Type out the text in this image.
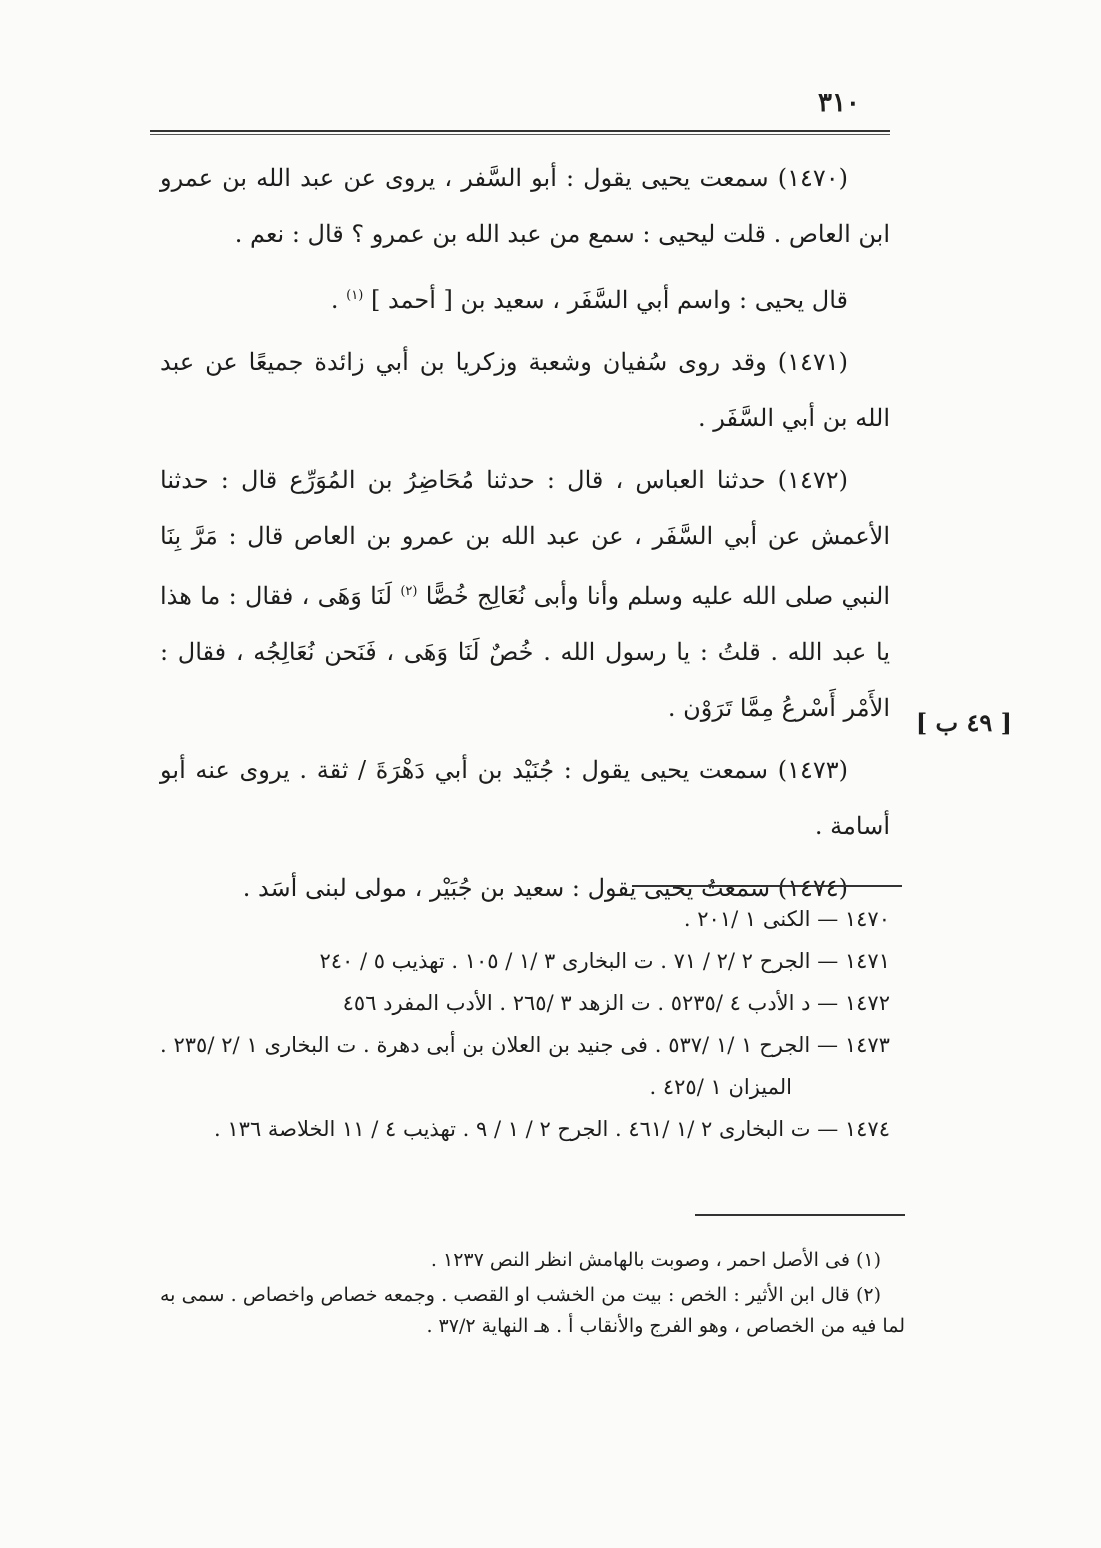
٣١٠

(١٤٧٠) سمعت يحيى يقول : أبو السَّفر ، يروى عن عبد الله بن عمرو ابن العاص . قلت ليحيى : سمع من عبد الله بن عمرو ؟ قال : نعم .

قال يحيى : واسم أبي السَّفَر ، سعيد بن [ أحمد ] $^{(١)}$ .

(١٤٧١) وقد روى سُفيان وشعبة وزكريا بن أبي زائدة جميعًا عن عبد الله بن أبي السَّفَر .

(١٤٧٢) حدثنا العباس ، قال : حدثنا مُحَاضِرُ بن المُوَرِّع قال : حدثنا الأعمش عن أبي السَّفَر ، عن عبد الله بن عمرو بن العاص قال : مَرَّ بِنَا النبي صلى الله عليه وسلم وأنا وأبى نُعَالِج خُصًّا $^{(٢)}$ لَنَا وَهَى ، فقال : ما هذا يا عبد الله . قلتُ : يا رسول الله . خُصٌ لَنَا وَهَى ، فَنَحن نُعَالِجُه ، فقال : الأَمْر أَسْرعُ مِمَّا تَرَوْن .

(١٤٧٣) سمعت يحيى يقول : جُنَيْد بن أبي دَهْرَةَ / ثقة . يروى عنه أبو أسامة .

(١٤٧٤) سمعتُ يحيى يقول : سعيد بن جُبَيْر ، مولى لبنى أسَد .

[ ٤٩ ب ]

١٤٧٠ — الكنى ١ /٢٠١ .

١٤٧١ — الجرح ٢ /٢ / ٧١ . ت البخارى ٣ /١ / ١٠٥ . تهذيب ٥ / ٢٤٠

١٤٧٢ — د الأدب ٤ /٥٢٣٥ . ت الزهد ٣ /٢٦٥ . الأدب المفرد ٤٥٦

١٤٧٣ — الجرح ١ /١ /٥٣٧ . فى جنيد بن العلان بن أبى دهرة . ت البخارى ١ /٢ /٢٣٥ . الميزان ١ /٤٢٥ .

١٤٧٤ — ت البخارى ٢ /١ /٤٦١ . الجرح ٢ / ١ / ٩ . تهذيب ٤ / ١١ الخلاصة ١٣٦ .

(١) فى الأصل احمر ، وصوبت بالهامش انظر النص ١٢٣٧ .

(٢) قال ابن الأثير : الخص : بيت من الخشب او القصب . وجمعه خصاص واخصاص . سمى به لما فيه من الخصاص ، وهو الفرج والأنقاب أ . هـ النهاية ٣٧/٢ .
